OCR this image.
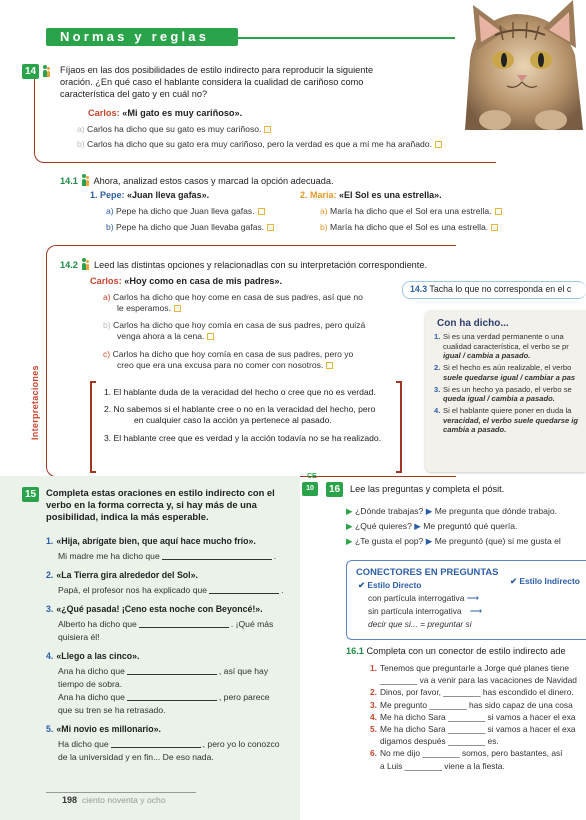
Normas y reglas
14	Fíjaos en las dos posibilidades de estilo indirecto para reproducir la siguiente oración. ¿En qué caso el hablante considera la cualidad de cariñoso como característica del gato y en cuál no?
Carlos: «Mi gato es muy cariñoso».
a) Carlos ha dicho que su gato es muy cariñoso.
b) Carlos ha dicho que su gato era muy cariñoso, pero la verdad es que a mí me ha arañado.
14.1 Ahora, analizad estos casos y marcad la opción adecuada.
1. Pepe: «Juan lleva gafas».
a) Pepe ha dicho que Juan lleva gafas.
b) Pepe ha dicho que Juan llevaba gafas.
2. María: «El Sol es una estrella».
a) María ha dicho que el Sol era una estrella.
b) María ha dicho que el Sol es una estrella.
14.2 Leed las distintas opciones y relacionadlas con su interpretación correspondiente.
Carlos: «Hoy como en casa de mis padres».
a) Carlos ha dicho que hoy come en casa de sus padres, así que no
le esperamos.
b) Carlos ha dicho que hoy comía en casa de sus padres, pero quizá
venga ahora a la cena.
c) Carlos ha dicho que hoy comía en casa de sus padres, pero yo
creo que era una excusa para no comer con nosotros.
Interpretaciones	1. El hablante duda de la veracidad del hecho o cree que no es verdad.
2. No sabemos si el hablante cree o no en la veracidad del hecho, pero
en cualquier caso la acción ya pertenece al pasado.
3. El hablante cree que es verdad y la acción todavía no se ha realizado.
14.3 Tacha lo que no corresponda en el c
Con ha dicho...
1. Si es una verdad permanente o una
cualidad característica, el verbo se pr
igual / cambia a pasado.
2. Si el hecho es aún realizable, el verbo
suele quedarse igual / cambiar a pas
3. Si es un hecho ya pasado, el verbo se
queda igual / cambia a pasado.
4. Si el hablante quiere poner en duda la
veracidad, el verbo suele quedarse ig
cambia a pasado.
15	Completa estas oraciones en estilo indirecto con el verbo en la forma correcta y, si hay más de una posibilidad, indica la más esperable.
1. «Hija, abrígate bien, que aquí hace mucho frío».
Mi madre me ha dicho que	.
2. «La Tierra gira alrededor del Sol».
Papá, el profesor nos ha explicado que	.
3. «¿Qué pasada! ¡Ceno esta noche con Beyoncé!».
Alberto ha dicho que	. ¡Qué más
quisiera él!
4. «Llego a las cinco».
Ana ha dicho que	, así que hay
tiempo de sobra.
Ana ha dicho que	, pero parece
que su tren se ha retrasado.
5. «Mi novio es millonario».
Ha dicho que	, pero yo lo conozco
de la universidad y en fin... De eso nada.
CE
10	16	Lee las preguntas y completa el pósit.
▶ ¿Dónde trabajas? ▶ Me pregunta que dónde trabajo.
▶ ¿Qué quieres? ▶ Me preguntó qué quería.
▶ ¿Te gusta el pop? ▶ Me preguntó (que) si me gusta el
CONECTORES EN PREGUNTAS
✔ Estilo Directo	✔ Estilo Indirecto
con partícula interrogativa ⟶
sin partícula interrogativa ⟶
decir que si... = preguntar si
16.1 Completa con un conector de estilo indirecto ade
1. Tenemos que preguntarle a Jorge qué planes tiene
________ va a venir para las vacaciones de Navidad
2. Dinos, por favor, ________ has escondido el dinero.
3. Me pregunto ________ has sido capaz de una cosa
4. Me ha dicho Sara ________ si vamos a hacer el exa
5. Me ha dicho Sara ________ si vamos a hacer el exa
digamos después ________ es.
6. No me dijo ________ somos, pero bastantes, así
a Luis ________ viene a la fiesta.
198 ciento noventa y ocho
